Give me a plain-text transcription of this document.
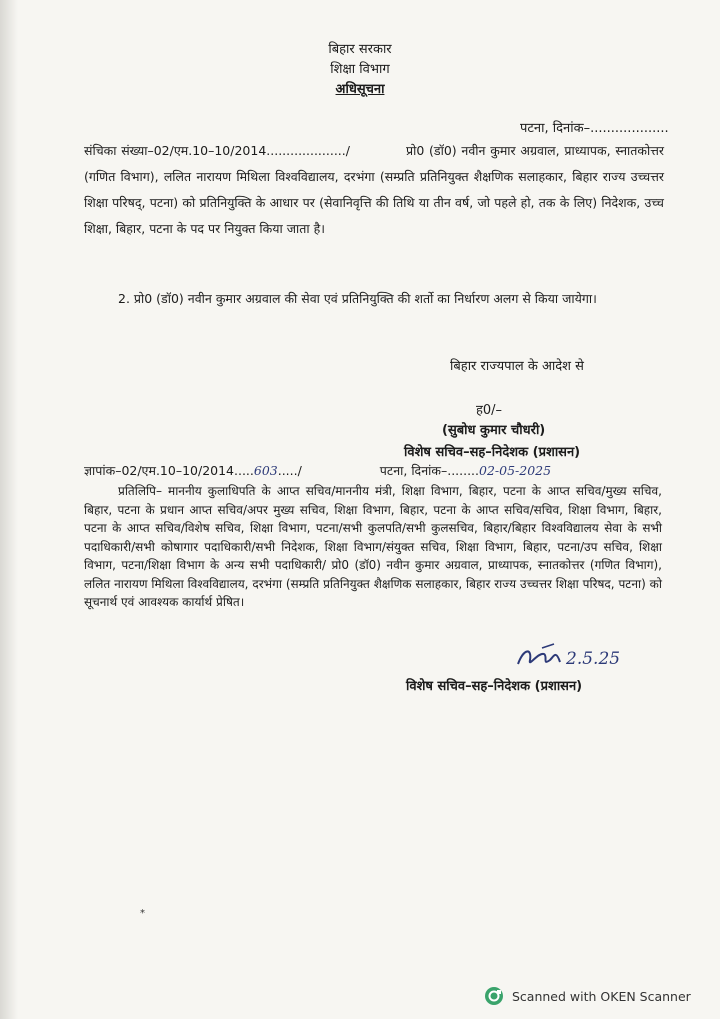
बिहार सरकार
शिक्षा विभाग
अधिसूचना
पटना, दिनांक–...................
संचिका संख्या–02/एम.10–10/2014..................../	प्रो0 (डॉ0) नवीन कुमार अग्रवाल, प्राध्यापक, स्नातकोत्तर (गणित विभाग), ललित नारायण मिथिला विश्वविद्यालय, दरभंगा (सम्प्रति प्रतिनियुक्त शैक्षणिक सलाहकार, बिहार राज्य उच्चत्तर शिक्षा परिषद्, पटना) को प्रतिनियुक्ति के आधार पर (सेवानिवृत्ति की तिथि या तीन वर्ष, जो पहले हो, तक के लिए) निदेशक, उच्च शिक्षा, बिहार, पटना के पद पर नियुक्त किया जाता है।
2. प्रो0 (डॉ0) नवीन कुमार अग्रवाल की सेवा एवं प्रतिनियुक्ति की शर्तो का निर्धारण अलग से किया जायेगा।
बिहार राज्यपाल के आदेश से
ह0/–
(सुबोध कुमार चौधरी)
विशेष सचिव–सह–निदेशक (प्रशासन)
ज्ञापांक–02/एम.10–10/2014.....603...../	पटना, दिनांक–........02-05-2025
प्रतिलिपि– माननीय कुलाधिपति के आप्त सचिव/माननीय मंत्री, शिक्षा विभाग, बिहार, पटना के आप्त सचिव/मुख्य सचिव, बिहार, पटना के प्रधान आप्त सचिव/अपर मुख्य सचिव, शिक्षा विभाग, बिहार, पटना के आप्त सचिव/सचिव, शिक्षा विभाग, बिहार, पटना के आप्त सचिव/विशेष सचिव, शिक्षा विभाग, पटना/सभी कुलपति/सभी कुलसचिव, बिहार/बिहार विश्वविद्यालय सेवा के सभी पदाधिकारी/सभी कोषागार पदाधिकारी/सभी निदेशक, शिक्षा विभाग/संयुक्त सचिव, शिक्षा विभाग, बिहार, पटना/उप सचिव, शिक्षा विभाग, पटना/शिक्षा विभाग के अन्य सभी पदाधिकारी/ प्रो0 (डॉ0) नवीन कुमार अग्रवाल, प्राध्यापक, स्नातकोत्तर (गणित विभाग), ललित नारायण मिथिला विश्वविद्यालय, दरभंगा (सम्प्रति प्रतिनियुक्त शैक्षणिक सलाहकार, बिहार राज्य उच्चत्तर शिक्षा परिषद, पटना) को सूचनार्थ एवं आवश्यक कार्यार्थ प्रेषित।
2.5.25
विशेष सचिव–सह–निदेशक (प्रशासन)
*
Scanned with OKEN Scanner
